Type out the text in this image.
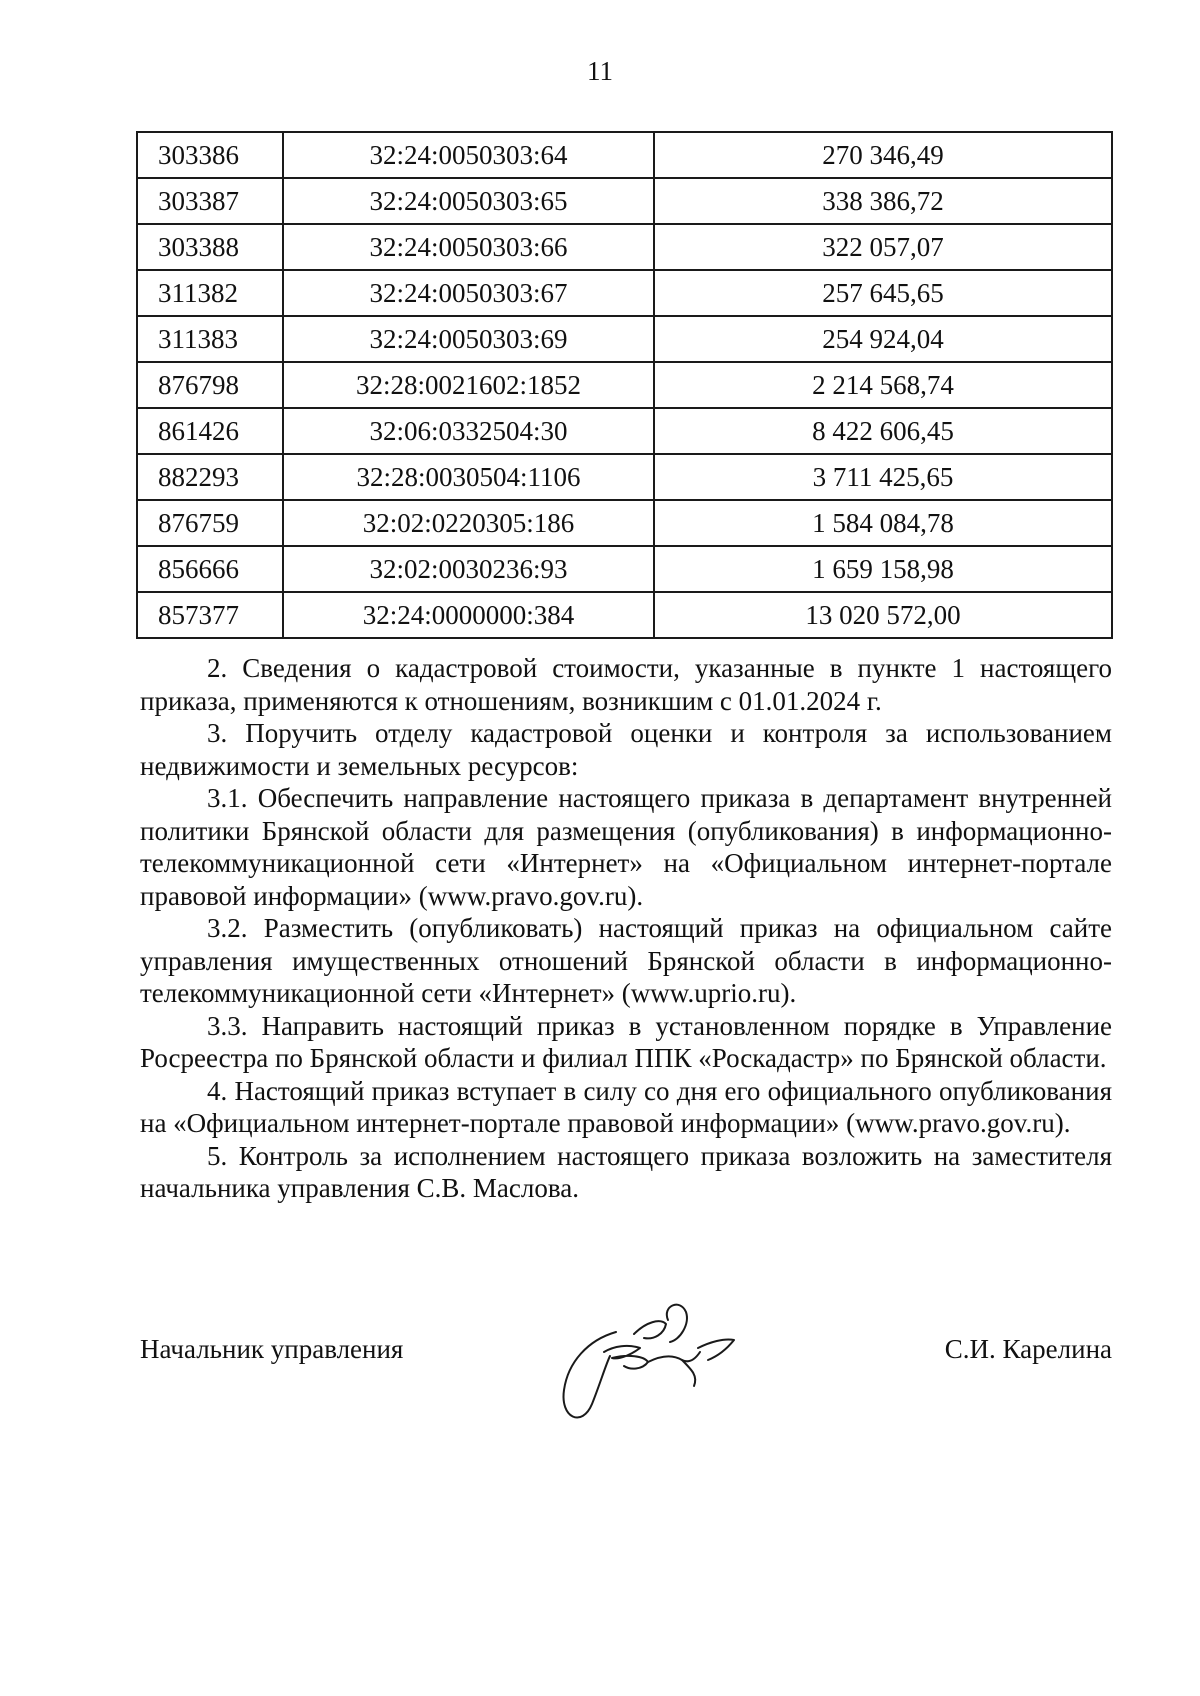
11
303386	32:24:0050303:64	270 346,49
303387	32:24:0050303:65	338 386,72
303388	32:24:0050303:66	322 057,07
311382	32:24:0050303:67	257 645,65
311383	32:24:0050303:69	254 924,04
876798	32:28:0021602:1852	2 214 568,74
861426	32:06:0332504:30	8 422 606,45
882293	32:28:0030504:1106	3 711 425,65
876759	32:02:0220305:186	1 584 084,78
856666	32:02:0030236:93	1 659 158,98
857377	32:24:0000000:384	13 020 572,00

2. Сведения о кадастровой стоимости, указанные в пункте 1 настоящего приказа, применяются к отношениям, возникшим с 01.01.2024 г.

3. Поручить отделу кадастровой оценки и контроля за использованием недвижимости и земельных ресурсов:

3.1. Обеспечить направление настоящего приказа в департамент внутренней политики Брянской области для размещения (опубликования) в информационно-телекоммуникационной сети «Интернет» на «Официальном интернет-портале правовой информации» (www.pravo.gov.ru).

3.2. Разместить (опубликовать) настоящий приказ на официальном сайте управления имущественных отношений Брянской области в информационно-телекоммуникационной сети «Интернет» (www.uprio.ru).

3.3. Направить настоящий приказ в установленном порядке в Управление Росреестра по Брянской области и филиал ППК «Роскадастр» по Брянской области.

4. Настоящий приказ вступает в силу со дня его официального опубликования на «Официальном интернет-портале правовой информации» (www.pravo.gov.ru).

5. Контроль за исполнением настоящего приказа возложить на заместителя начальника управления С.В. Маслова.

Начальник управления	С.И. Карелина
